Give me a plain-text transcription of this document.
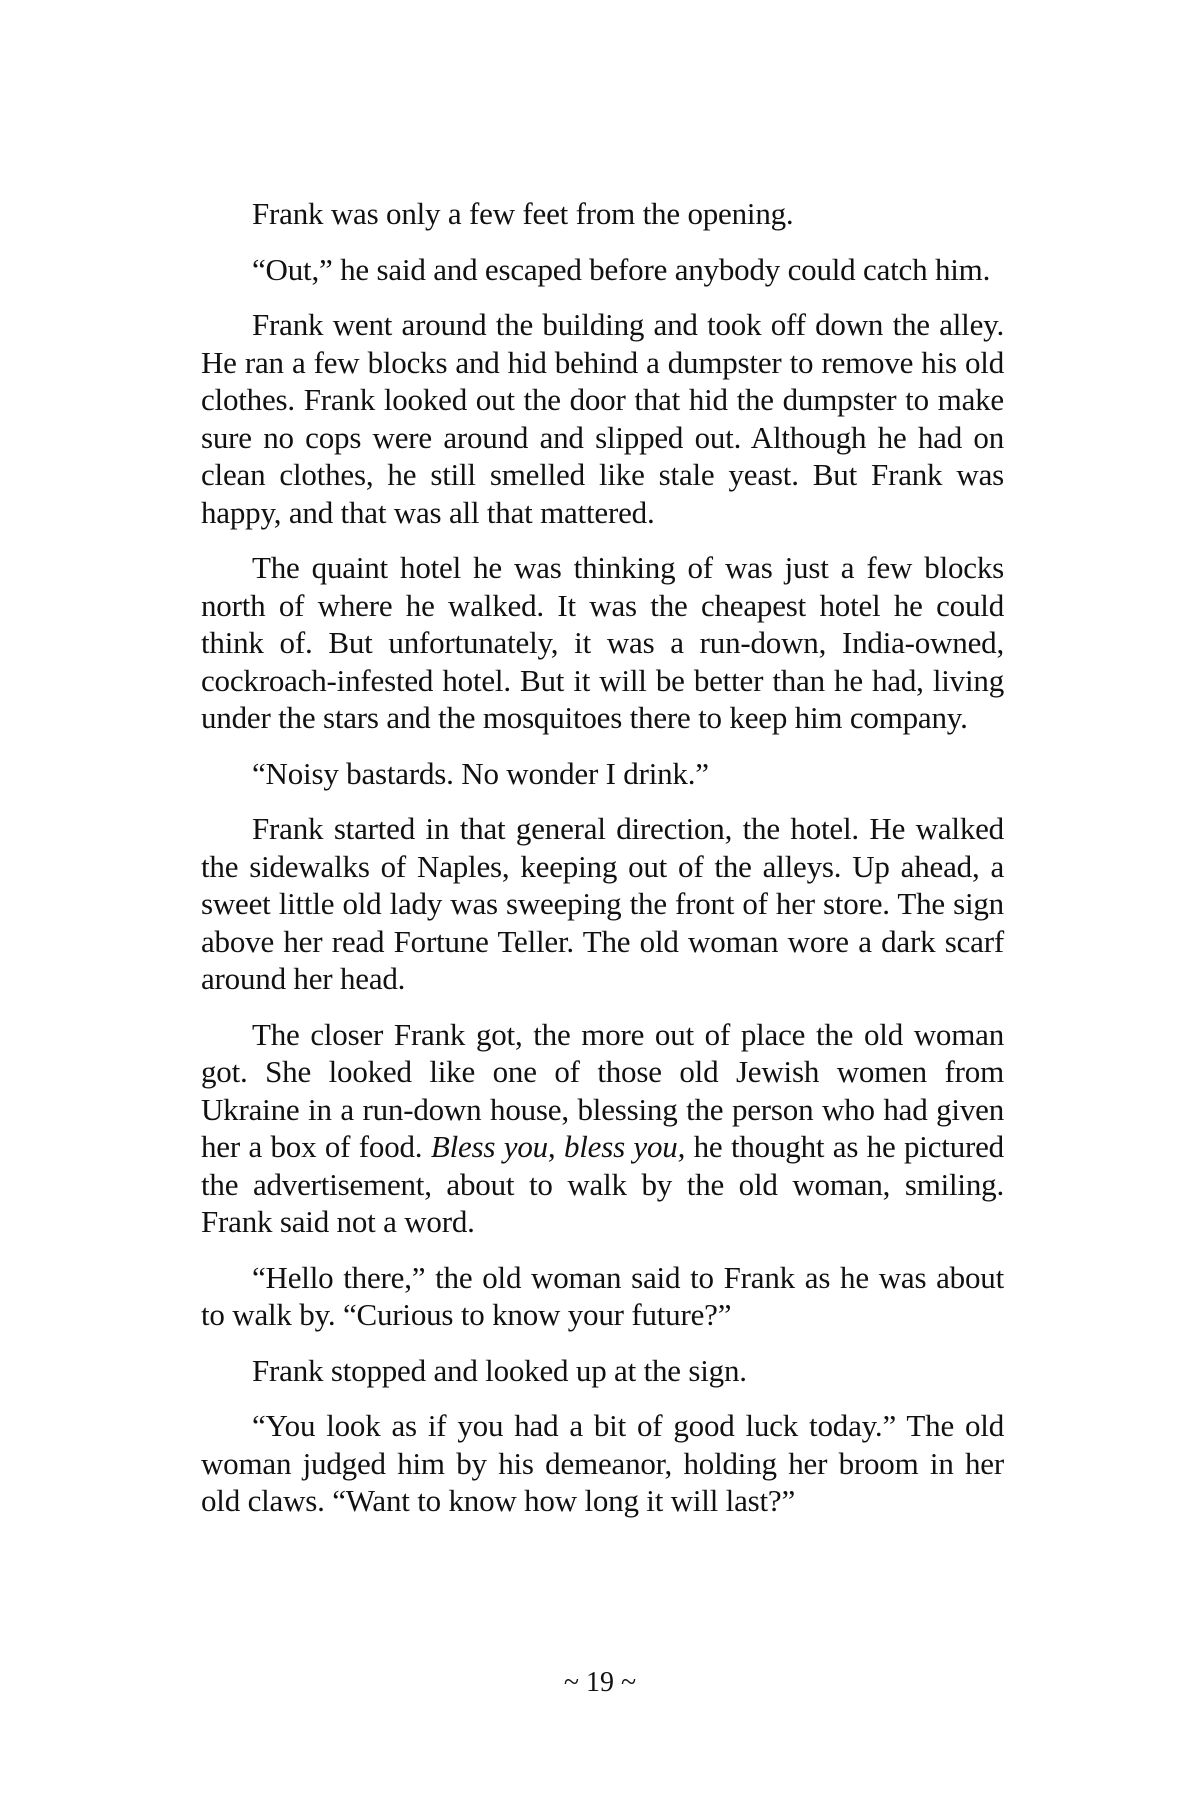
Frank was only a few feet from the opening.

“Out,” he said and escaped before anybody could catch him.

Frank went around the building and took off down the alley. He ran a few blocks and hid behind a dumpster to remove his old clothes. Frank looked out the door that hid the dumpster to make sure no cops were around and slipped out. Although he had on clean clothes, he still smelled like stale yeast. But Frank was happy, and that was all that mattered.

The quaint hotel he was thinking of was just a few blocks north of where he walked. It was the cheapest hotel he could think of. But unfortunately, it was a run-down, India-owned, cockroach-infested hotel. But it will be better than he had, living under the stars and the mosquitoes there to keep him company.

“Noisy bastards. No wonder I drink.”

Frank started in that general direction, the hotel. He walked the sidewalks of Naples, keeping out of the alleys. Up ahead, a sweet little old lady was sweeping the front of her store. The sign above her read Fortune Teller. The old woman wore a dark scarf around her head.

The closer Frank got, the more out of place the old woman got. She looked like one of those old Jewish women from Ukraine in a run-down house, blessing the person who had given her a box of food. Bless you, bless you, he thought as he pictured the advertisement, about to walk by the old woman, smiling. Frank said not a word.

“Hello there,” the old woman said to Frank as he was about to walk by. “Curious to know your future?”

Frank stopped and looked up at the sign.

“You look as if you had a bit of good luck today.” The old woman judged him by his demeanor, holding her broom in her old claws. “Want to know how long it will last?”

~ 19 ~
